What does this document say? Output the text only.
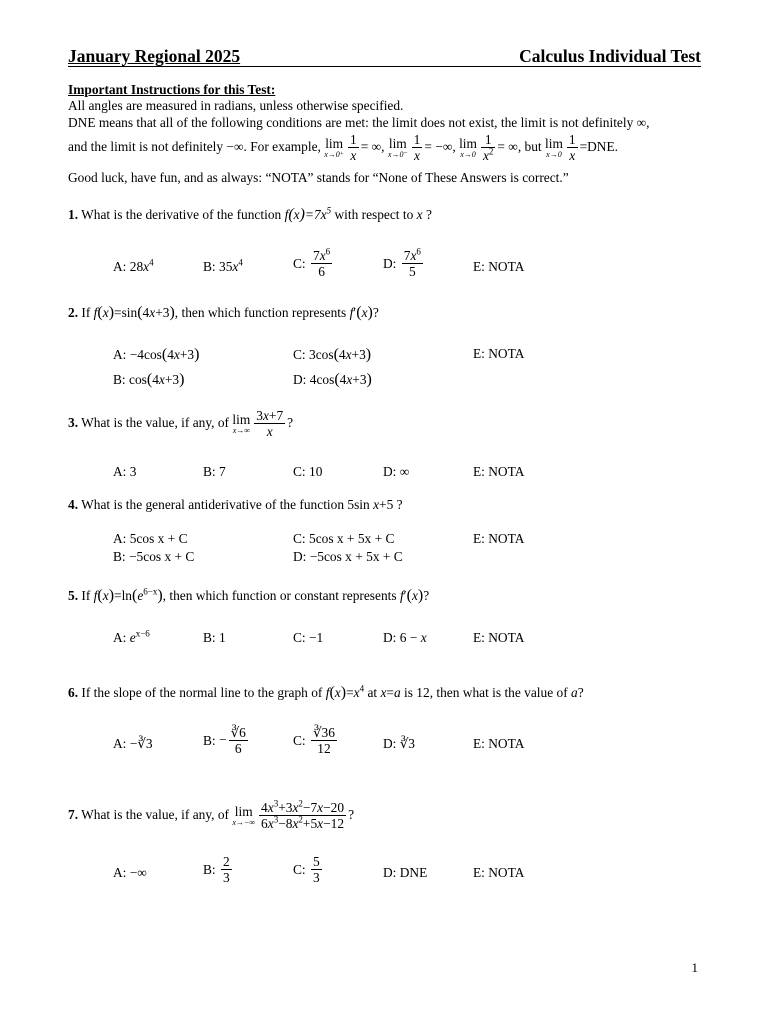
January Regional 2025	Calculus Individual Test
Important Instructions for this Test:
All angles are measured in radians, unless otherwise specified.
DNE means that all of the following conditions are met: the limit does not exist, the limit is not definitely ∞,
and the limit is not definitely −∞. For example, lim
$x\to 0^+ \frac{1}{x}$ = ∞, lim
$x\to 0^- \frac{1}{x}$ = −∞, lim
$x\to 0 \frac{1}{x^2}$ = ∞, but lim
$x\to 0 \frac{1}{x} =DNE$.
Good luck, have fun, and as always: “NOTA” stands for “None of These Answers is correct.”
1. What is the derivative of the function $f(x)=7x^5$ with respect to x ?
A: $28x^4$	B: $35x^4$	C: $\frac{7x^6}{6}$	D: $\frac{7x^6}{5}$	E: NOTA
2. If f(x)=sin(4x+3), then which function represents f′(x)?
A: −4cos(4x+3)	C: 3cos(4x+3)	E: NOTA
B: cos(4x+3)	D: 4cos(4x+3)
3. What is the value, if any, of lim
$x\to\infty \frac{3x+7}{x}$ ?
A: 3	B: 7	C: 10	D: ∞	E: NOTA
4. What is the general antiderivative of the function 5sin x+5 ?
A: 5cos x + C	C: 5cos x + 5x + C	E: NOTA
B: −5cos x + C	D: −5cos x + 5x + C
5. If $f(x)=\ln(e^{6-x})$, then which function or constant represents f′(x)?
A: $e^{x-6}$	B: 1	C: −1	D: 6 − x	E: NOTA
6. If the slope of the normal line to the graph of $f(x)=x^4$ at x=a is 12, then what is the value of a?
A: −∛3	B: − $\frac{∛6}{6}$	C: $\frac{∛36}{12}$	D: ∛3	E: NOTA
7. What is the value, if any, of lim
$x\to-\infty \frac{4x^3+3x^2-7x-20}{6x^3-8x^2+5x-12}$ ?
A: −∞	B: $\frac{2}{3}$	C: $\frac{5}{3}$	D: DNE	E: NOTA
1
